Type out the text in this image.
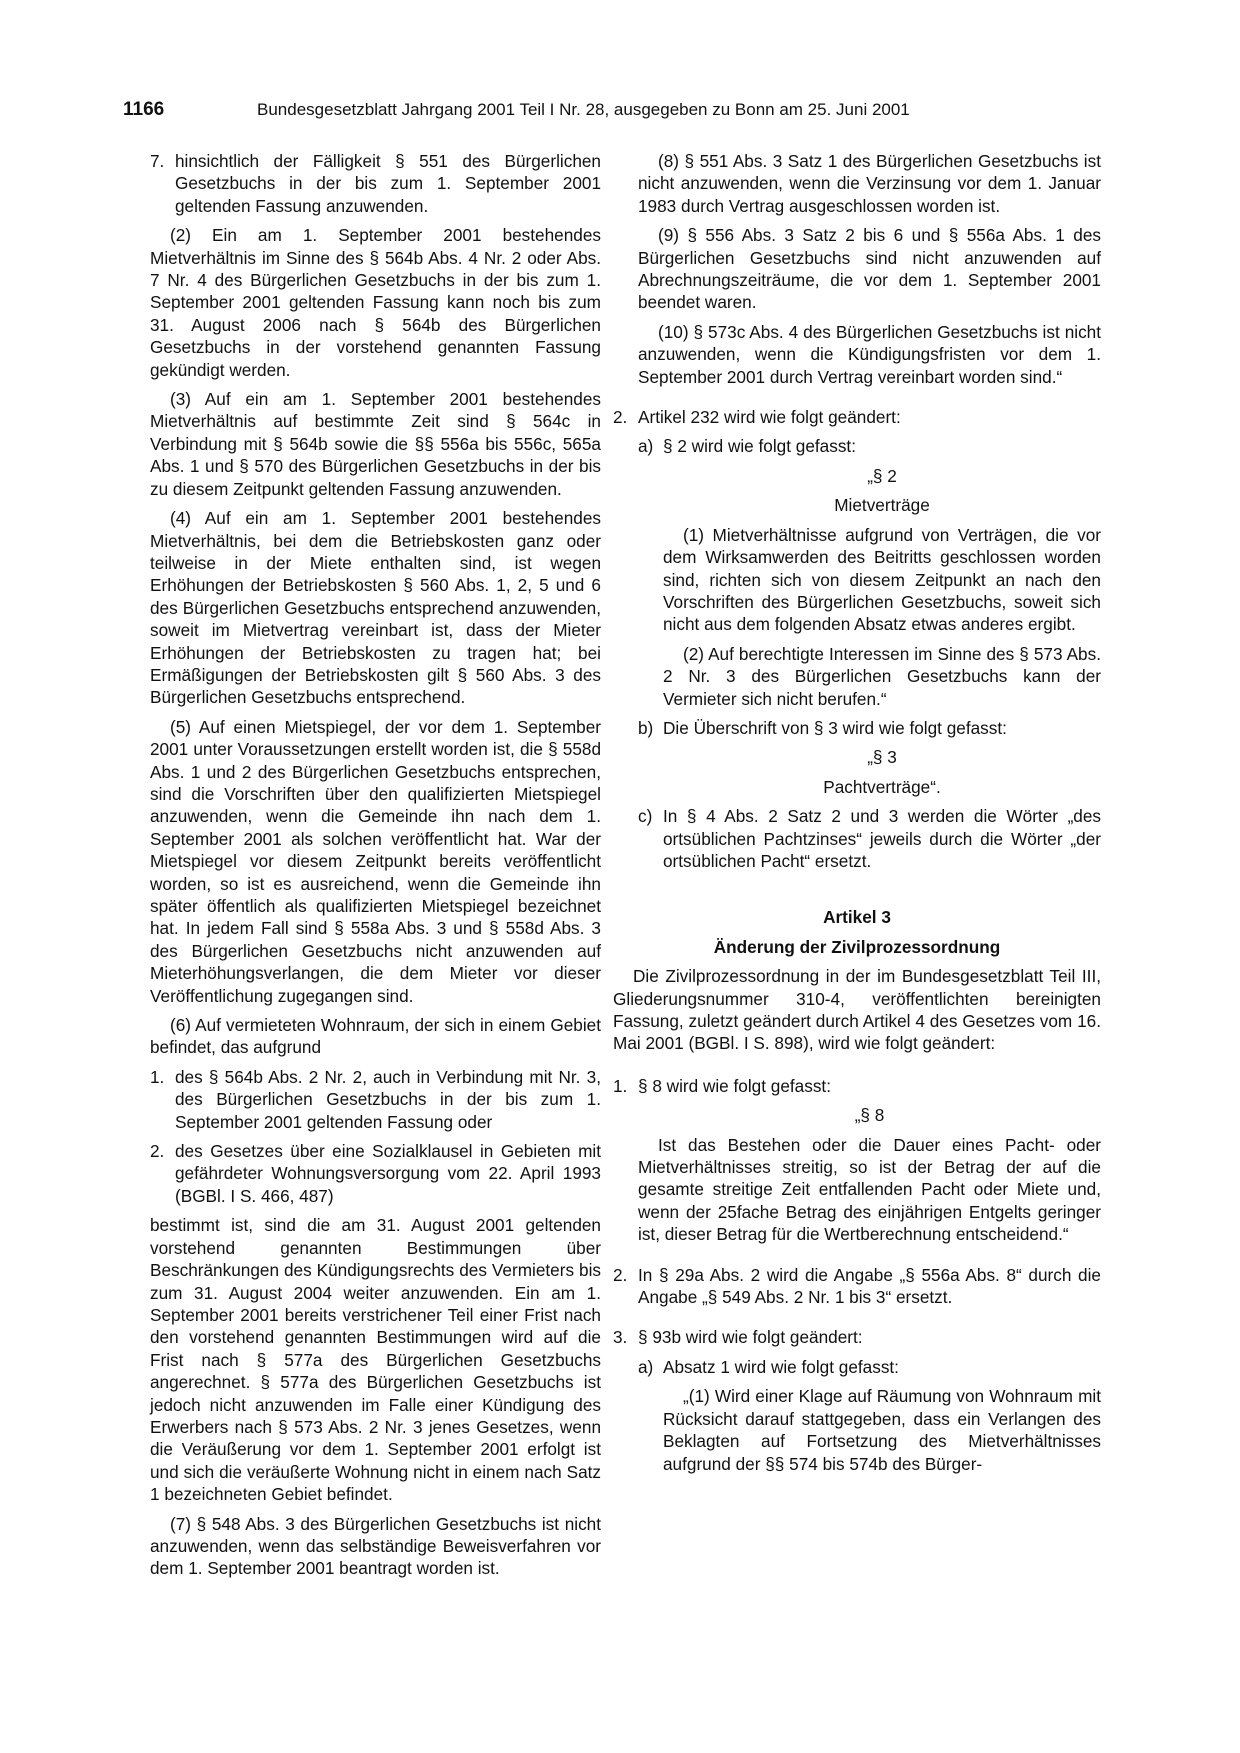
1166	Bundesgesetzblatt Jahrgang 2001 Teil I Nr. 28, ausgegeben zu Bonn am 25. Juni 2001

7. hinsichtlich der Fälligkeit § 551 des Bürgerlichen Gesetzbuchs in der bis zum 1. September 2001 geltenden Fassung anzuwenden.

(2) Ein am 1. September 2001 bestehendes Mietverhältnis im Sinne des § 564b Abs. 4 Nr. 2 oder Abs. 7 Nr. 4 des Bürgerlichen Gesetzbuchs in der bis zum 1. September 2001 geltenden Fassung kann noch bis zum 31. August 2006 nach § 564b des Bürgerlichen Gesetzbuchs in der vorstehend genannten Fassung gekündigt werden.

(3) Auf ein am 1. September 2001 bestehendes Mietverhältnis auf bestimmte Zeit sind § 564c in Verbindung mit § 564b sowie die §§ 556a bis 556c, 565a Abs. 1 und § 570 des Bürgerlichen Gesetzbuchs in der bis zu diesem Zeitpunkt geltenden Fassung anzuwenden.

(4) Auf ein am 1. September 2001 bestehendes Mietverhältnis, bei dem die Betriebskosten ganz oder teilweise in der Miete enthalten sind, ist wegen Erhöhungen der Betriebskosten § 560 Abs. 1, 2, 5 und 6 des Bürgerlichen Gesetzbuchs entsprechend anzuwenden, soweit im Mietvertrag vereinbart ist, dass der Mieter Erhöhungen der Betriebskosten zu tragen hat; bei Ermäßigungen der Betriebskosten gilt § 560 Abs. 3 des Bürgerlichen Gesetzbuchs entsprechend.

(5) Auf einen Mietspiegel, der vor dem 1. September 2001 unter Voraussetzungen erstellt worden ist, die § 558d Abs. 1 und 2 des Bürgerlichen Gesetzbuchs entsprechen, sind die Vorschriften über den qualifizierten Mietspiegel anzuwenden, wenn die Gemeinde ihn nach dem 1. September 2001 als solchen veröffentlicht hat. War der Mietspiegel vor diesem Zeitpunkt bereits veröffentlicht worden, so ist es ausreichend, wenn die Gemeinde ihn später öffentlich als qualifizierten Mietspiegel bezeichnet hat. In jedem Fall sind § 558a Abs. 3 und § 558d Abs. 3 des Bürgerlichen Gesetzbuchs nicht anzuwenden auf Mieterhöhungsverlangen, die dem Mieter vor dieser Veröffentlichung zugegangen sind.

(6) Auf vermieteten Wohnraum, der sich in einem Gebiet befindet, das aufgrund

1. des § 564b Abs. 2 Nr. 2, auch in Verbindung mit Nr. 3, des Bürgerlichen Gesetzbuchs in der bis zum 1. September 2001 geltenden Fassung oder

2. des Gesetzes über eine Sozialklausel in Gebieten mit gefährdeter Wohnungsversorgung vom 22. April 1993 (BGBl. I S. 466, 487)

bestimmt ist, sind die am 31. August 2001 geltenden vorstehend genannten Bestimmungen über Beschränkungen des Kündigungsrechts des Vermieters bis zum 31. August 2004 weiter anzuwenden. Ein am 1. September 2001 bereits verstrichener Teil einer Frist nach den vorstehend genannten Bestimmungen wird auf die Frist nach § 577a des Bürgerlichen Gesetzbuchs angerechnet. § 577a des Bürgerlichen Gesetzbuchs ist jedoch nicht anzuwenden im Falle einer Kündigung des Erwerbers nach § 573 Abs. 2 Nr. 3 jenes Gesetzes, wenn die Veräußerung vor dem 1. September 2001 erfolgt ist und sich die veräußerte Wohnung nicht in einem nach Satz 1 bezeichneten Gebiet befindet.

(7) § 548 Abs. 3 des Bürgerlichen Gesetzbuchs ist nicht anzuwenden, wenn das selbständige Beweisverfahren vor dem 1. September 2001 beantragt worden ist.

(8) § 551 Abs. 3 Satz 1 des Bürgerlichen Gesetzbuchs ist nicht anzuwenden, wenn die Verzinsung vor dem 1. Januar 1983 durch Vertrag ausgeschlossen worden ist.

(9) § 556 Abs. 3 Satz 2 bis 6 und § 556a Abs. 1 des Bürgerlichen Gesetzbuchs sind nicht anzuwenden auf Abrechnungszeiträume, die vor dem 1. September 2001 beendet waren.

(10) § 573c Abs. 4 des Bürgerlichen Gesetzbuchs ist nicht anzuwenden, wenn die Kündigungsfristen vor dem 1. September 2001 durch Vertrag vereinbart worden sind.“

2. Artikel 232 wird wie folgt geändert:

a) § 2 wird wie folgt gefasst:

„§ 2

Mietverträge

(1) Mietverhältnisse aufgrund von Verträgen, die vor dem Wirksamwerden des Beitritts geschlossen worden sind, richten sich von diesem Zeitpunkt an nach den Vorschriften des Bürgerlichen Gesetzbuchs, soweit sich nicht aus dem folgenden Absatz etwas anderes ergibt.

(2) Auf berechtigte Interessen im Sinne des § 573 Abs. 2 Nr. 3 des Bürgerlichen Gesetzbuchs kann der Vermieter sich nicht berufen.“

b) Die Überschrift von § 3 wird wie folgt gefasst:

„§ 3

Pachtverträge“.

c) In § 4 Abs. 2 Satz 2 und 3 werden die Wörter „des ortsüblichen Pachtzinses“ jeweils durch die Wörter „der ortsüblichen Pacht“ ersetzt.

Artikel 3

Änderung der Zivilprozessordnung

Die Zivilprozessordnung in der im Bundesgesetzblatt Teil III, Gliederungsnummer 310-4, veröffentlichten bereinigten Fassung, zuletzt geändert durch Artikel 4 des Gesetzes vom 16. Mai 2001 (BGBl. I S. 898), wird wie folgt geändert:

1. § 8 wird wie folgt gefasst:

„§ 8

Ist das Bestehen oder die Dauer eines Pacht- oder Mietverhältnisses streitig, so ist der Betrag der auf die gesamte streitige Zeit entfallenden Pacht oder Miete und, wenn der 25fache Betrag des einjährigen Entgelts geringer ist, dieser Betrag für die Wertberechnung entscheidend.“

2. In § 29a Abs. 2 wird die Angabe „§ 556a Abs. 8“ durch die Angabe „§ 549 Abs. 2 Nr. 1 bis 3“ ersetzt.

3. § 93b wird wie folgt geändert:

a) Absatz 1 wird wie folgt gefasst:

„(1) Wird einer Klage auf Räumung von Wohnraum mit Rücksicht darauf stattgegeben, dass ein Verlangen des Beklagten auf Fortsetzung des Mietverhältnisses aufgrund der §§ 574 bis 574b des Bürger-
